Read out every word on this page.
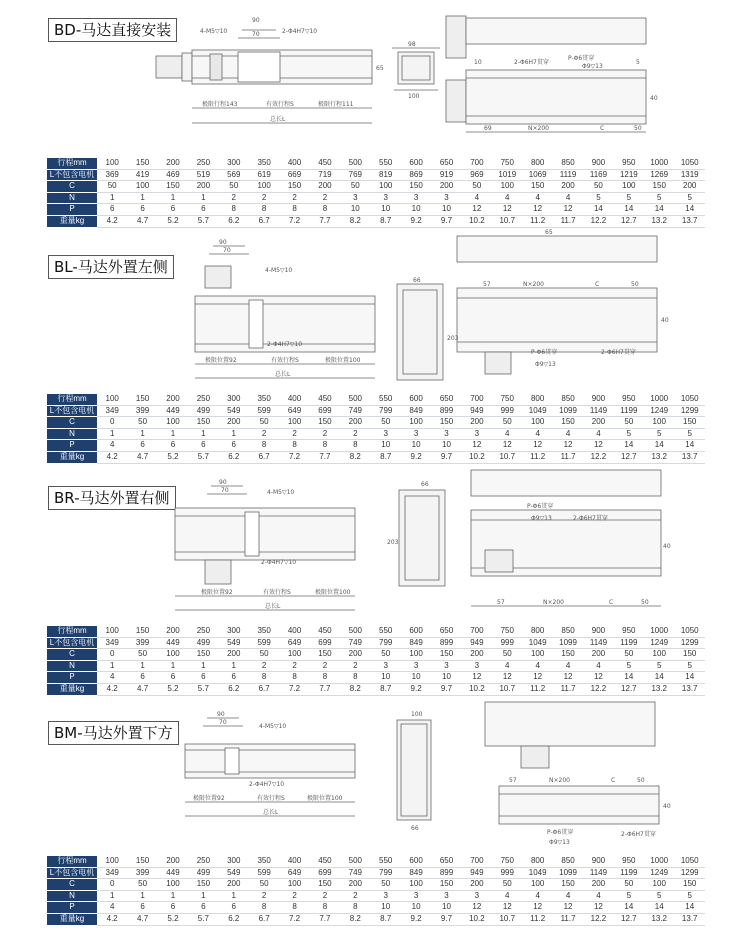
BD-马达直接安装	4-M5▽10
90
70	2-Φ4H7▽10
65
98
100
极限行程143	有效行程S	极限行程111
总长L
P-Φ6贯穿
10
Φ9▽13
5
40
2-Φ6H7贯穿
69	N×200	C	50
行程mm	100	150	200	250	300	350	400	450	500	550	600	650	700	750	800	850	900	950	1000	1050
L不包含电机	369	419	469	519	569	619	669	719	769	819	869	919	969	1019	1069	1119	1169	1219	1269	1319
C	50	100	150	200	50	100	150	200	50	100	150	200	50	100	150	200	50	100	150	200
N	1	1	1	1	2	2	2	2	3	3	3	3	4	4	4	4	5	5	5	5
P	6	6	6	6	8	8	8	8	10	10	10	10	12	12	12	12	14	14	14	14
重量kg	4.2	4.7	5.2	5.7	6.2	6.7	7.2	7.7	8.2	8.7	9.2	9.7	10.2	10.7	11.2	11.7	12.2	12.7	13.2	13.7
BL-马达外置左侧
90
70
4-M5▽10
2-Φ4H7▽10
极限位置92	有效行程S	极限位置100
总长L
66
203
65
57	N×200	C	50
40
P-Φ6贯穿
Φ9▽13
2-Φ6H7贯穿
行程mm	100	150	200	250	300	350	400	450	500	550	600	650	700	750	800	850	900	950	1000	1050
L不包含电机	349	399	449	499	549	599	649	699	749	799	849	899	949	999	1049	1099	1149	1199	1249	1299
C	0	50	100	150	200	50	100	150	200	50	100	150	200	50	100	150	200	50	100	150
N	1	1	1	1	1	2	2	2	2	3	3	3	3	4	4	4	4	5	5	5
P	4	6	6	6	6	8	8	8	8	10	10	10	12	12	12	12	12	14	14	14
重量kg	4.2	4.7	5.2	5.7	6.2	6.7	7.2	7.7	8.2	8.7	9.2	9.7	10.2	10.7	11.2	11.7	12.2	12.7	13.2	13.7
BR-马达外置右侧
90
70	4-M5▽10
2-Φ4H7▽10
极限位置92	有效行程S	极限位置100
总长L
66
203
P-Φ6贯穿
Φ9▽13	2-Φ6H7贯穿
40
57	N×200	C	50
行程mm	100	150	200	250	300	350	400	450	500	550	600	650	700	750	800	850	900	950	1000	1050
L不包含电机	349	399	449	499	549	599	649	699	749	799	849	899	949	999	1049	1099	1149	1199	1249	1299
C	0	50	100	150	200	50	100	150	200	50	100	150	200	50	100	150	200	50	100	150
N	1	1	1	1	1	2	2	2	2	3	3	3	3	4	4	4	4	5	5	5
P	4	6	6	6	6	8	8	8	8	10	10	10	12	12	12	12	12	14	14	14
重量kg	4.2	4.7	5.2	5.7	6.2	6.7	7.2	7.7	8.2	8.7	9.2	9.7	10.2	10.7	11.2	11.7	12.2	12.7	13.2	13.7
BM-马达外置下方
90
70
4-M5▽10
2-Φ4H7▽10
极限位置92	有效行程S	极限位置100
总长L
100
66
57	N×200	C	50
40
P-Φ6贯穿
Φ9▽13
2-Φ6H7贯穿
行程mm	100	150	200	250	300	350	400	450	500	550	600	650	700	750	800	850	900	950	1000	1050
L不包含电机	349	399	449	499	549	599	649	699	749	799	849	899	949	999	1049	1099	1149	1199	1249	1299
C	0	50	100	150	200	50	100	150	200	50	100	150	200	50	100	150	200	50	100	150
N	1	1	1	1	1	2	2	2	2	3	3	3	3	4	4	4	4	5	5	5
P	4	6	6	6	6	8	8	8	8	10	10	10	12	12	12	12	12	14	14	14
重量kg	4.2	4.7	5.2	5.7	6.2	6.7	7.2	7.7	8.2	8.7	9.2	9.7	10.2	10.7	11.2	11.7	12.2	12.7	13.2	13.7
